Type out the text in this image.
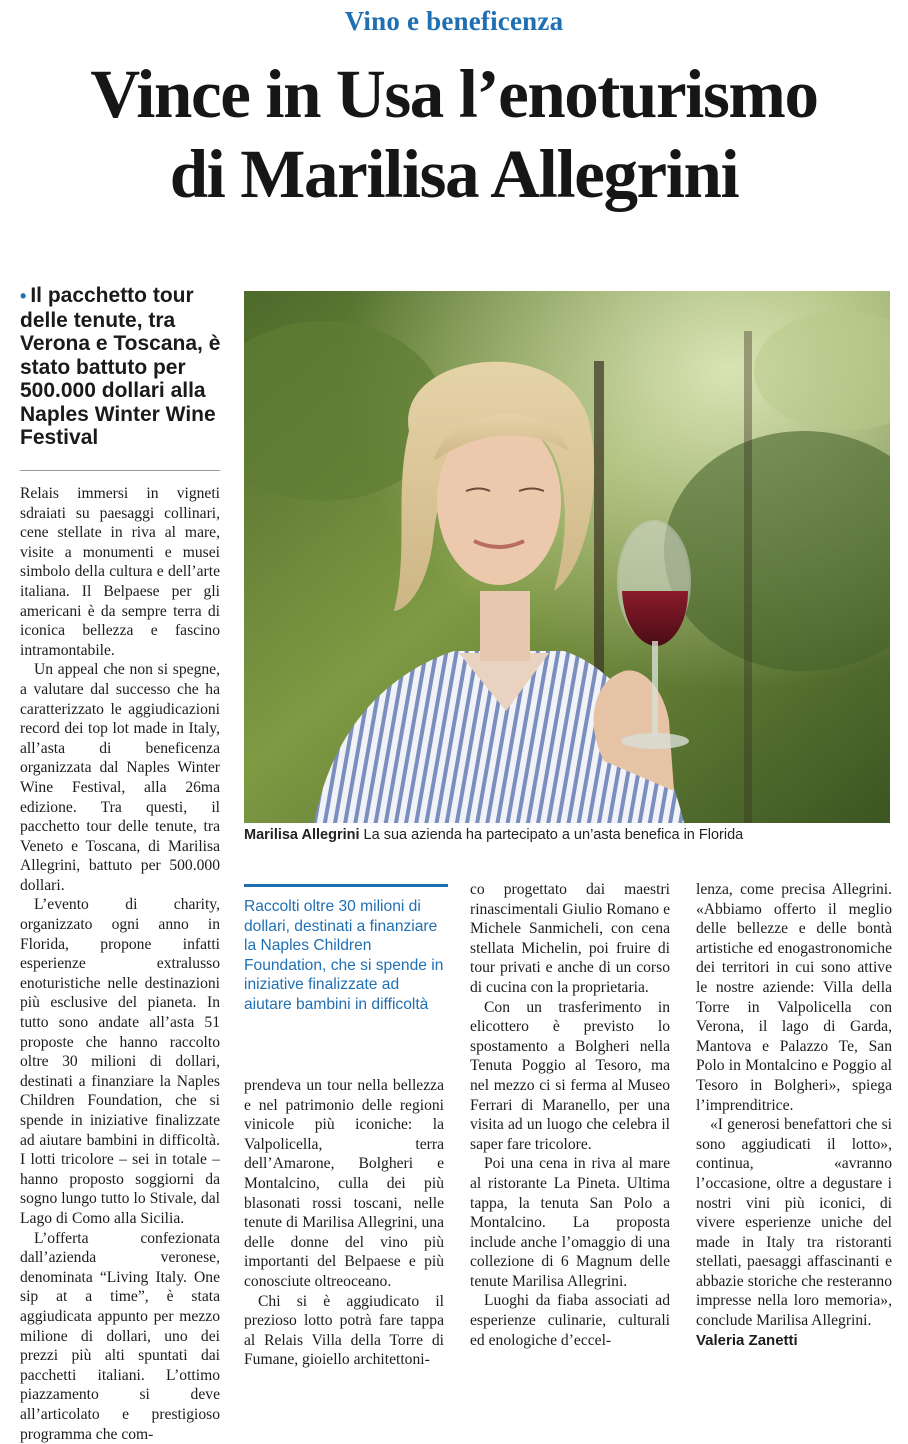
Vino e beneficenza
Vince in Usa l’enoturismo
di Marilisa Allegrini
• Il pacchetto tour delle tenute, tra Verona e Toscana, è stato battuto per 500.000 dollari alla Naples Winter Wine Festival
Marilisa Allegrini La sua azienda ha partecipato a un’asta benefica in Florida

Relais immersi in vigneti sdraiati su paesaggi collinari, cene stellate in riva al mare, visite a monumenti e musei simbolo della cultura e dell’arte italiana. Il Belpaese per gli americani è da sempre terra di iconica bellezza e fascino intramontabile.

Un appeal che non si spegne, a valutare dal successo che ha caratterizzato le aggiudicazioni record dei top lot made in Italy, all’asta di beneficenza organizzata dal Naples Winter Wine Festival, alla 26ma edizione. Tra questi, il pacchetto tour delle tenute, tra Veneto e Toscana, di Marilisa Allegrini, battuto per 500.000 dollari.

L’evento di charity, organizzato ogni anno in Florida, propone infatti esperienze extralusso enoturistiche nelle destinazioni più esclusive del pianeta. In tutto sono andate all’asta 51 proposte che hanno raccolto oltre 30 milioni di dollari, destinati a finanziare la Naples Children Foundation, che si spende in iniziative finalizzate ad aiutare bambini in difficoltà. I lotti tricolore – sei in totale – hanno proposto soggiorni da sogno lungo tutto lo Stivale, dal Lago di Como alla Sicilia.

L’offerta confezionata dall’azienda veronese, denominata “Living Italy. One sip at a time”, è stata aggiudicata appunto per mezzo milione di dollari, uno dei prezzi più alti spuntati dai pacchetti italiani. L’ottimo piazzamento si deve all’articolato e prestigioso programma che com-

Raccolti oltre 30 milioni di dollari, destinati a finanziare la Naples Children Foundation, che si spende in iniziative finalizzate ad aiutare bambini in difficoltà

prendeva un tour nella bellezza e nel patrimonio delle regioni vinicole più iconiche: la Valpolicella, terra dell’Amarone, Bolgheri e Montalcino, culla dei più blasonati rossi toscani, nelle tenute di Marilisa Allegrini, una delle donne del vino più importanti del Belpaese e più conosciute oltreoceano.

Chi si è aggiudicato il prezioso lotto potrà fare tappa al Relais Villa della Torre di Fumane, gioiello architettoni-

co progettato dai maestri rinascimentali Giulio Romano e Michele Sanmicheli, con cena stellata Michelin, poi fruire di tour privati e anche di un corso di cucina con la proprietaria.

Con un trasferimento in elicottero è previsto lo spostamento a Bolgheri nella Tenuta Poggio al Tesoro, ma nel mezzo ci si ferma al Museo Ferrari di Maranello, per una visita ad un luogo che celebra il saper fare tricolore.

Poi una cena in riva al mare al ristorante La Pineta. Ultima tappa, la tenuta San Polo a Montalcino. La proposta include anche l’omaggio di una collezione di 6 Magnum delle tenute Marilisa Allegrini.

Luoghi da fiaba associati ad esperienze culinarie, culturali ed enologiche d’eccel-

lenza, come precisa Allegrini. «Abbiamo offerto il meglio delle bellezze e delle bontà artistiche ed enogastronomiche dei territori in cui sono attive le nostre aziende: Villa della Torre in Valpolicella con Verona, il lago di Garda, Mantova e Palazzo Te, San Polo in Montalcino e Poggio al Tesoro in Bolgheri», spiega l’imprenditrice.

«I generosi benefattori che si sono aggiudicati il lotto», continua, «avranno l’occasione, oltre a degustare i nostri vini più iconici, di vivere esperienze uniche del made in Italy tra ristoranti stellati, paesaggi affascinanti e abbazie storiche che resteranno impresse nella loro memoria», conclude Marilisa Allegrini.

Valeria Zanetti
